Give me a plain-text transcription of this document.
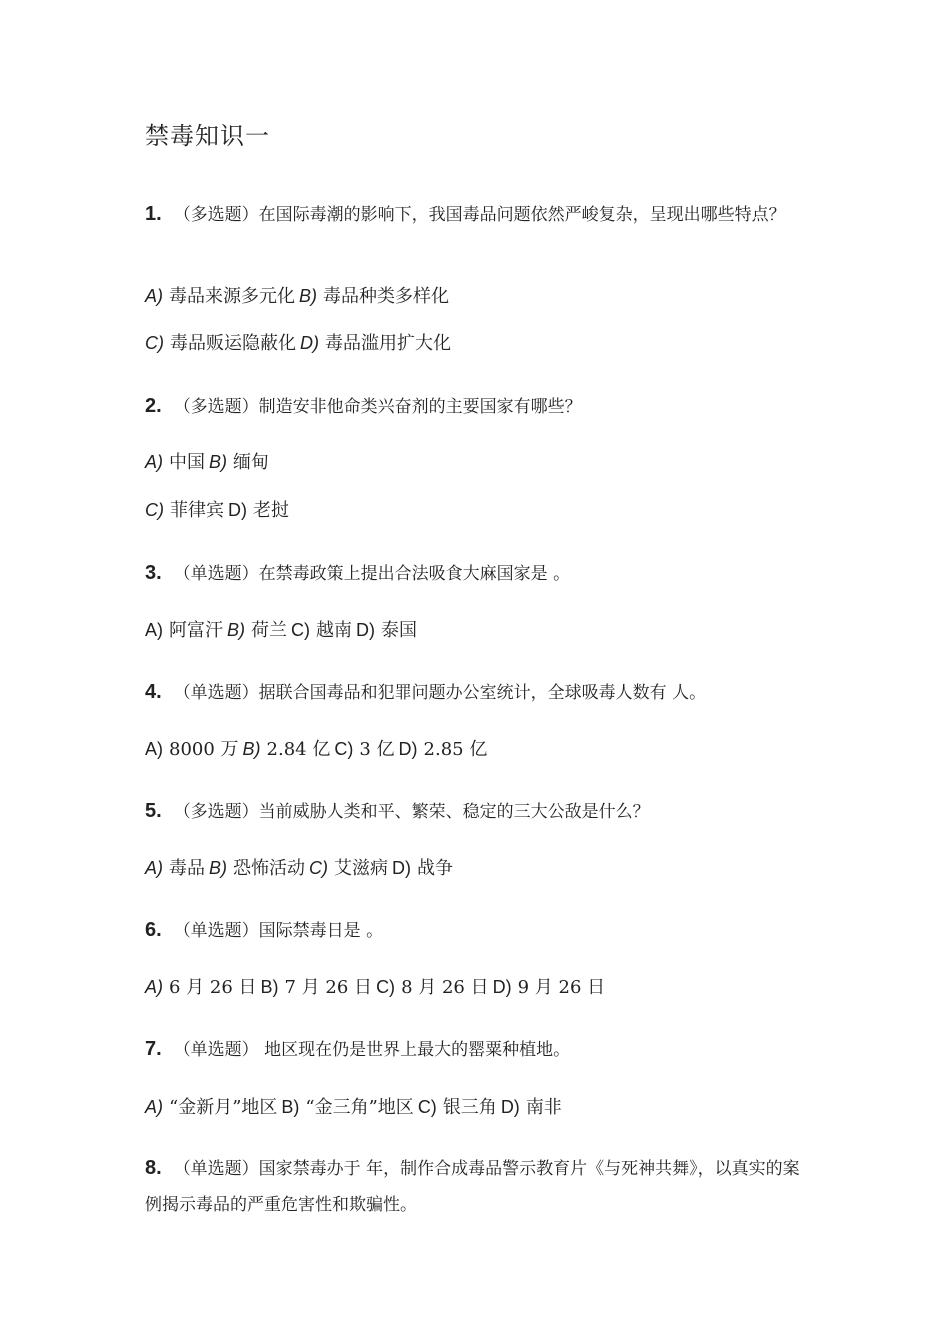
禁毒知识一
1. （多选题）在国际毒潮的影响下，我国毒品问题依然严峻复杂，呈现出哪些特点？
A) 毒品来源多元化 B) 毒品种类多样化
C) 毒品贩运隐蔽化 D) 毒品滥用扩大化
2. （多选题）制造安非他命类兴奋剂的主要国家有哪些？
A) 中国 B) 缅甸
C) 菲律宾 D) 老挝
3. （单选题）在禁毒政策上提出合法吸食大麻国家是 。
A) 阿富汗 B) 荷兰 C) 越南 D) 泰国
4. （单选题）据联合国毒品和犯罪问题办公室统计，全球吸毒人数有 人。
A) 8000 万 B) 2.84 亿 C) 3 亿 D) 2.85 亿
5. （多选题）当前威胁人类和平、繁荣、稳定的三大公敌是什么？
A) 毒品 B) 恐怖活动 C) 艾滋病 D) 战争
6. （单选题）国际禁毒日是 。
A) 6 月 26 日 B) 7 月 26 日 C) 8 月 26 日 D) 9 月 26 日
7. （单选题） 地区现在仍是世界上最大的罂粟种植地。
A) “金新月”地区 B) “金三角”地区 C) 银三角 D) 南非
8. （单选题）国家禁毒办于 年，制作合成毒品警示教育片《与死神共舞》，以真实的案例揭示毒品的严重危害性和欺骗性。
